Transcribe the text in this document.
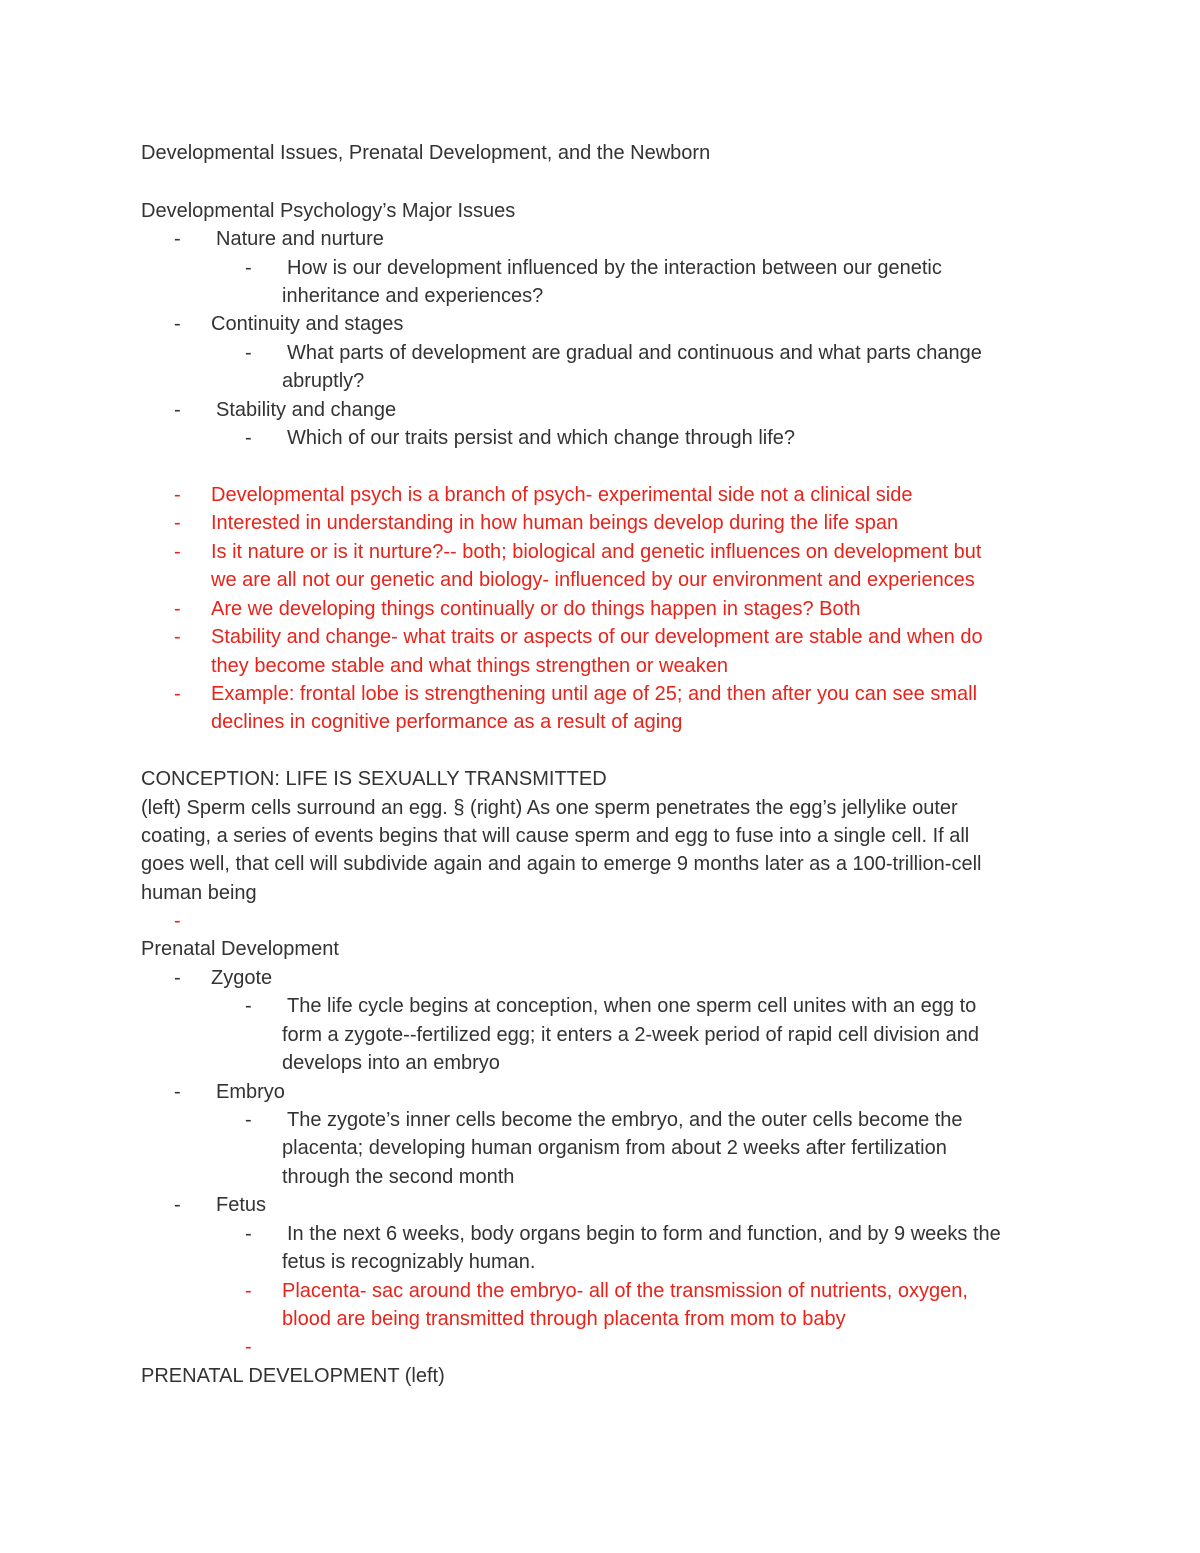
Developmental Issues, Prenatal Development, and the Newborn
Developmental Psychology’s Major Issues
- Nature and nurture
- How is our development influenced by the interaction between our genetic
inheritance and experiences?
- Continuity and stages
- What parts of development are gradual and continuous and what parts change
abruptly?
- Stability and change
- Which of our traits persist and which change through life?
- Developmental psych is a branch of psych- experimental side not a clinical side
- Interested in understanding in how human beings develop during the life span
- Is it nature or is it nurture?-- both; biological and genetic influences on development but
we are all not our genetic and biology- influenced by our environment and experiences
- Are we developing things continually or do things happen in stages? Both
- Stability and change- what traits or aspects of our development are stable and when do
they become stable and what things strengthen or weaken
- Example: frontal lobe is strengthening until age of 25; and then after you can see small
declines in cognitive performance as a result of aging
CONCEPTION: LIFE IS SEXUALLY TRANSMITTED
(left) Sperm cells surround an egg. § (right) As one sperm penetrates the egg’s jellylike outer
coating, a series of events begins that will cause sperm and egg to fuse into a single cell. If all
goes well, that cell will subdivide again and again to emerge 9 months later as a 100-trillion-cell
human being
-
Prenatal Development
- Zygote
- The life cycle begins at conception, when one sperm cell unites with an egg to
form a zygote--fertilized egg; it enters a 2-week period of rapid cell division and
develops into an embryo
- Embryo
- The zygote’s inner cells become the embryo, and the outer cells become the
placenta; developing human organism from about 2 weeks after fertilization
through the second month
- Fetus
- In the next 6 weeks, body organs begin to form and function, and by 9 weeks the
fetus is recognizably human.
- Placenta- sac around the embryo- all of the transmission of nutrients, oxygen,
blood are being transmitted through placenta from mom to baby
-
PRENATAL DEVELOPMENT (left)
